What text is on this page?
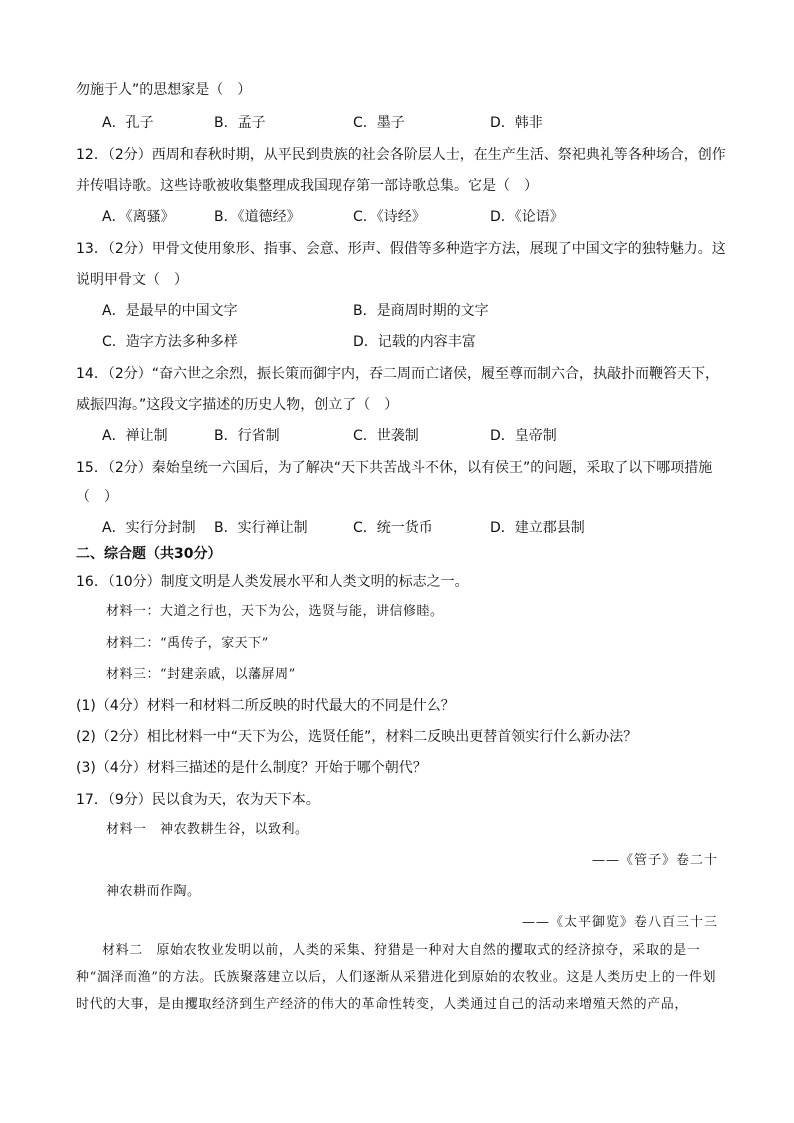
勿施于人”的思想家是（　）
A．孔子	B．孟子	C．墨子	D．韩非
12．（2分）西周和春秋时期，从平民到贵族的社会各阶层人士，在生产生活、祭祀典礼等各种场合，创作
并传唱诗歌。这些诗歌被收集整理成我国现存第一部诗歌总集。它是（　）
A．《离骚》	B．《道德经》	C．《诗经》	D．《论语》
13．（2分）甲骨文使用象形、指事、会意、形声、假借等多种造字方法，展现了中国文字的独特魅力。这
说明甲骨文（　）
A．是最早的中国文字	B．是商周时期的文字
C．造字方法多种多样	D．记载的内容丰富
14．（2分）“奋六世之余烈，振长策而御宇内，吞二周而亡诸侯，履至尊而制六合，执敲扑而鞭笞天下，
威振四海。”这段文字描述的历史人物，创立了（　）
A．禅让制	B．行省制	C．世袭制	D．皇帝制
15．（2分）秦始皇统一六国后，为了解决“天下共苦战斗不休，以有侯王”的问题，采取了以下哪项措施
（　）
A．实行分封制 B．实行禅让制	C．统一货币	D．建立郡县制
二、综合题（共30分）
16．（10分）制度文明是人类发展水平和人类文明的标志之一。
材料一：大道之行也，天下为公，选贤与能，讲信修睦。
材料二：“禹传子，家天下”
材料三：“封建亲戚，以藩屏周”
(1)（4分）材料一和材料二所反映的时代最大的不同是什么？
(2)（2分）相比材料一中“天下为公，选贤任能”，材料二反映出更替首领实行什么新办法？
(3)（4分）材料三描述的是什么制度？开始于哪个朝代？
17．（9分）民以食为天，农为天下本。
材料一　神农教耕生谷，以致利。
——《管子》卷二十
神农耕而作陶。
——《太平御览》卷八百三十三
材料二　原始农牧业发明以前，人类的采集、狩猎是一种对大自然的攫取式的经济掠夺，采取的是一种“涸泽而渔”的方法。氏族聚落建立以后，人们逐渐从采猎进化到原始的农牧业。这是人类历史上的一件划时代的大事，是由攫取经济到生产经济的伟大的革命性转变，人类通过自己的活动来增殖天然的产品，
